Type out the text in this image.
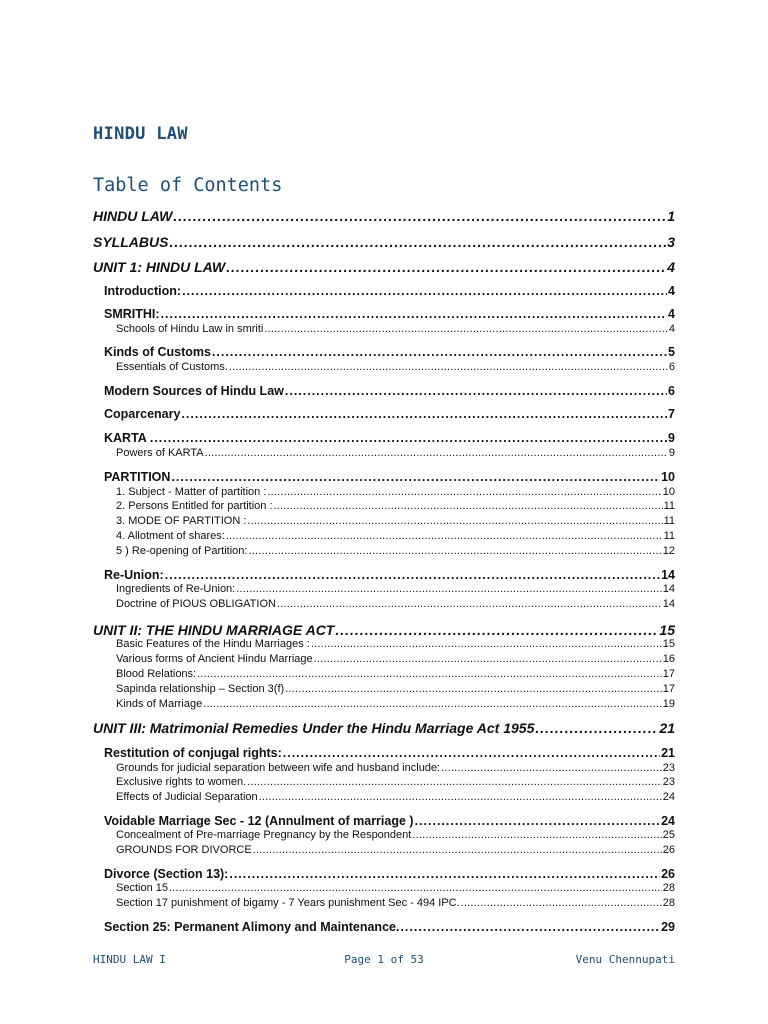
HINDU LAW
Table of Contents
HINDU LAW .....	1
SYLLABUS .....	3
UNIT 1: HINDU LAW .....	4
Introduction: .....	4
SMRITHI: .....	4
Schools of Hindu Law in smriti .....	4
Kinds of Customs .....	5
Essentials of Customs. .....	6
Modern Sources of Hindu Law .....	6
Coparcenary .....	7
KARTA . .....	9
Powers of KARTA .....	9
PARTITION .....	10
1. Subject - Matter of partition : .....	10
2. Persons Entitled for partition : .....	11
3. MODE OF PARTITION : .....	11
4. Allotment of shares: .....	11
5 ) Re-opening of Partition: .....	12
Re-Union: .....	14
Ingredients of Re-Union: .....	14
Doctrine of PIOUS OBLIGATION .....	14
UNIT II: THE HINDU MARRIAGE ACT .....	15
Basic Features of the Hindu Marriages : .....	15
Various forms of Ancient Hindu Marriage .....	16
Blood Relations: .....	17
Sapinda relationship – Section 3(f) .....	17
Kinds of Marriage .....	19
UNIT III: Matrimonial Remedies Under the Hindu Marriage Act 1955 .....	21
Restitution of conjugal rights: .....	21
Grounds for judicial separation between wife and husband include: .....	23
Exclusive rights to women. .....	23
Effects of Judicial Separation .....	24
Voidable Marriage Sec - 12 (Annulment of marriage ) .....	24
Concealment of Pre-marriage Pregnancy by the Respondent .....	25
GROUNDS FOR DIVORCE .....	26
Divorce (Section 13): .....	26
Section 15 .....	28
Section 17 punishment of bigamy - 7 Years punishment Sec - 494 IPC. .....	28
Section 25: Permanent Alimony and Maintenance. .....	29
HINDU LAW I	Page 1 of 53	Venu Chennupati
